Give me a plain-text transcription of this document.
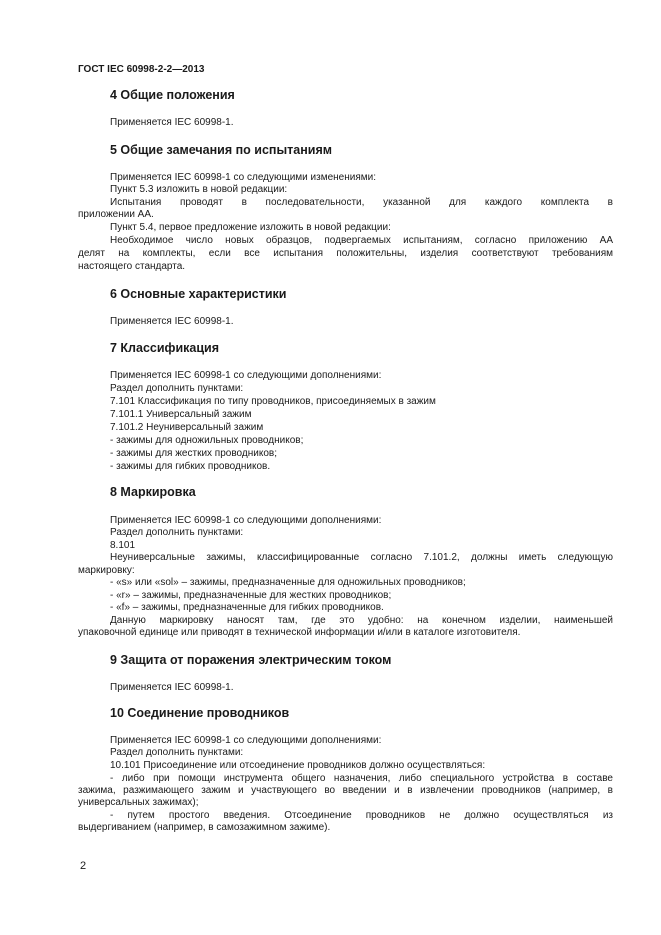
ГОСТ IEC 60998-2-2—2013
4 Общие положения
Применяется IEC 60998-1.
5 Общие замечания по испытаниям
Применяется IEC 60998-1 со следующими изменениями:
Пункт 5.3 изложить в новой редакции:
Испытания проводят в последовательности, указанной для каждого комплекта в
приложении АА.
Пункт 5.4, первое предложение изложить в новой редакции:
Необходимое число новых образцов, подвергаемых испытаниям, согласно приложению АА
делят на комплекты, если все испытания положительны, изделия соответствуют требованиям
настоящего стандарта.
6 Основные характеристики
Применяется IEC 60998-1.
7 Классификация
Применяется IEC 60998-1 со следующими дополнениями:
Раздел дополнить пунктами:
7.101 Классификация по типу проводников, присоединяемых в зажим
7.101.1 Универсальный зажим
7.101.2 Неуниверсальный зажим
- зажимы для одножильных проводников;
- зажимы для жестких проводников;
- зажимы для гибких проводников.
8 Маркировка
Применяется IEC 60998-1 со следующими дополнениями:
Раздел дополнить пунктами:
8.101
Неуниверсальные зажимы, классифицированные согласно 7.101.2, должны иметь следующую
маркировку:
- «s» или «sol» – зажимы, предназначенные для одножильных проводников;
- «r» – зажимы, предназначенные для жестких проводников;
- «f» – зажимы, предназначенные для гибких проводников.
Данную маркировку наносят там, где это удобно: на конечном изделии, наименьшей
упаковочной единице или приводят в технической информации и/или в каталоге изготовителя.
9 Защита от поражения электрическим током
Применяется IEC 60998-1.
10 Соединение проводников
Применяется IEC 60998-1 со следующими дополнениями:
Раздел дополнить пунктами:
10.101 Присоединение или отсоединение проводников должно осуществляться:
- либо при помощи инструмента общего назначения, либо специального устройства в составе
зажима, разжимающего зажим и участвующего во введении и в извлечении проводников (например, в
универсальных зажимах);
- путем простого введения. Отсоединение проводников не должно осуществляться из
выдергиванием (например, в самозажимном зажиме).
2
